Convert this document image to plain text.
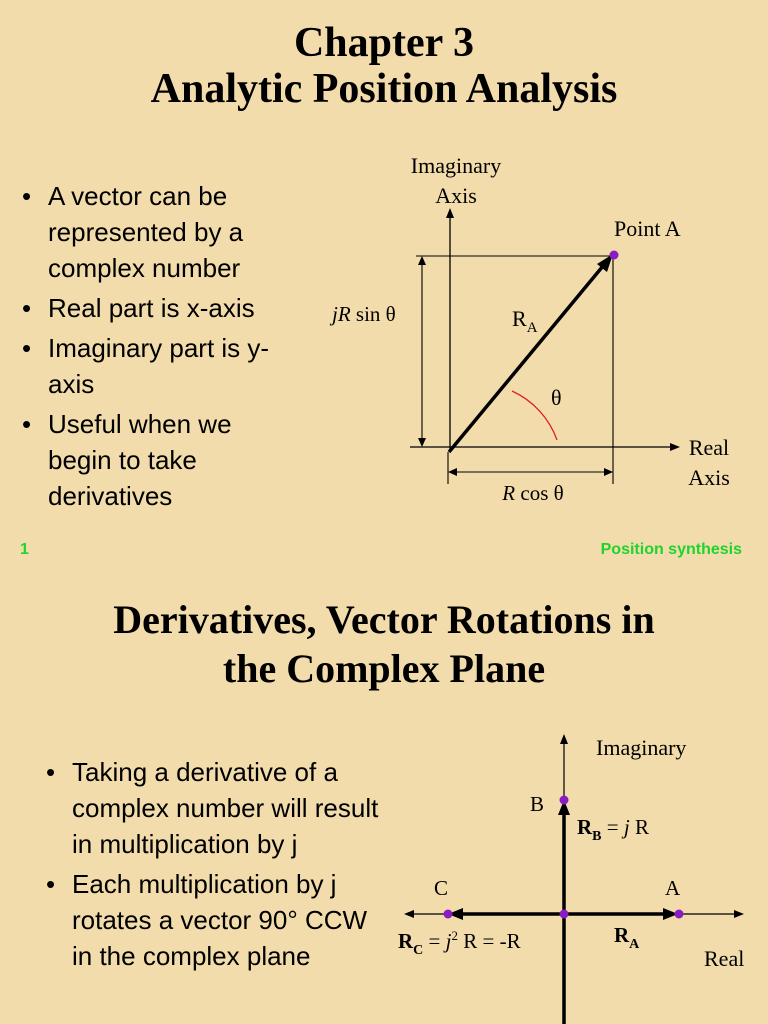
Chapter 3
Analytic Position Analysis
• A vector can be represented by a complex number
• Real part is x-axis
• Imaginary part is y-axis
• Useful when we begin to take derivatives
Imaginary
Axis
Point A
jR sin θ	$R_A$
θ
Real
Axis
R cos θ
1	Position synthesis
Derivatives, Vector Rotations in
the Complex Plane
• Taking a derivative of a complex number will result in multiplication by j
• Each multiplication by j rotates a vector 90° CCW in the complex plane
Imaginary
B
$R_B = j$ R
C	A
$R_A$
$R_C = j^2$ R = -R
Real
